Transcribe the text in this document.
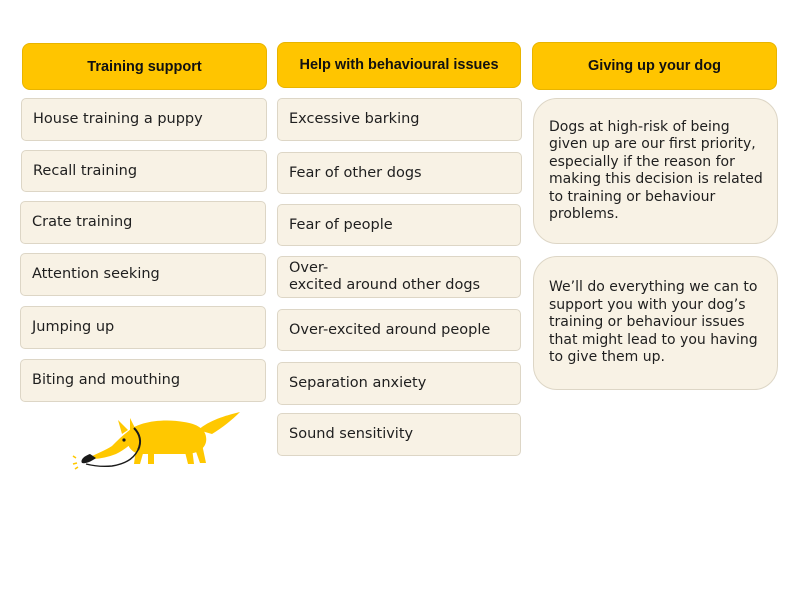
Training support
House training a puppy
Recall training
Crate training
Attention seeking
Jumping up
Biting and mouthing
Help with behavioural issues
Excessive barking
Fear of other dogs
Fear of people
Over-
excited around other dogs
Over-excited around people
Separation anxiety
Sound sensitivity
Giving up your dog
Dogs at high-risk of being given up are our first priority, especially if the reason for making this decision is related to training or behaviour problems.
We’ll do everything we can to support you with your dog’s training or behaviour issues that might lead to you having to give them up.
